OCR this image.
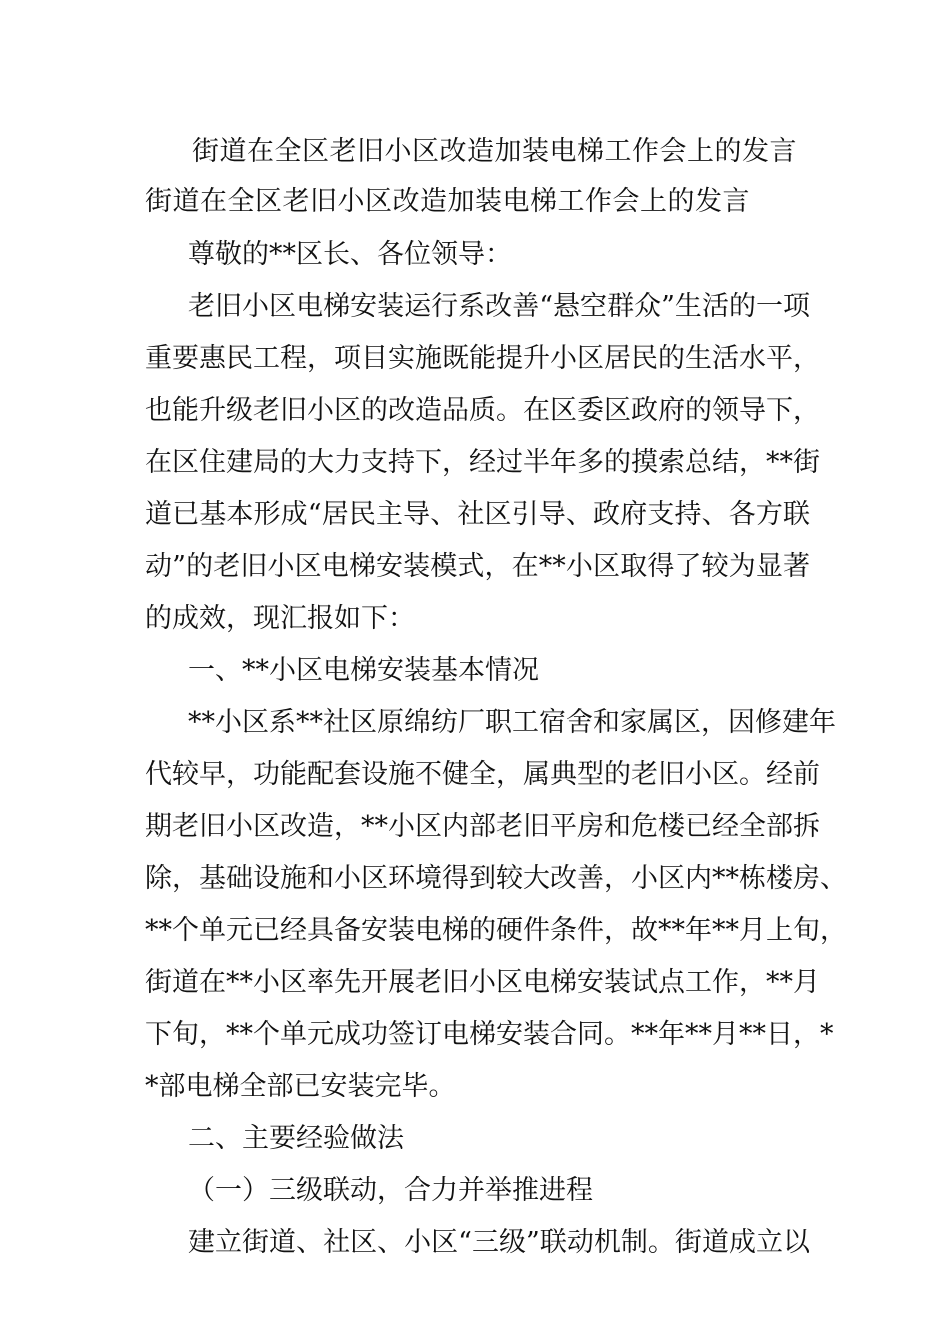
街道在全区老旧小区改造加装电梯工作会上的发言
街道在全区老旧小区改造加装电梯工作会上的发言
尊敬的**区长、各位领导：

老旧小区电梯安装运行系改善“悬空群众”生活的一项
重要惠民工程，项目实施既能提升小区居民的生活水平，
也能升级老旧小区的改造品质。在区委区政府的领导下，
在区住建局的大力支持下，经过半年多的摸索总结，**街
道已基本形成“居民主导、社区引导、政府支持、各方联
动”的老旧小区电梯安装模式，在**小区取得了较为显著
的成效，现汇报如下：

一、**小区电梯安装基本情况

**小区系**社区原绵纺厂职工宿舍和家属区，因修建年
代较早，功能配套设施不健全，属典型的老旧小区。经前
期老旧小区改造，**小区内部老旧平房和危楼已经全部拆
除，基础设施和小区环境得到较大改善，小区内**栋楼房、
**个单元已经具备安装电梯的硬件条件，故**年**月上旬，
街道在**小区率先开展老旧小区电梯安装试点工作，**月
下旬，**个单元成功签订电梯安装合同。**年**月**日，*
*部电梯全部已安装完毕。

二、主要经验做法

（一）三级联动，合力并举推进程

建立街道、社区、小区“三级”联动机制。街道成立以
